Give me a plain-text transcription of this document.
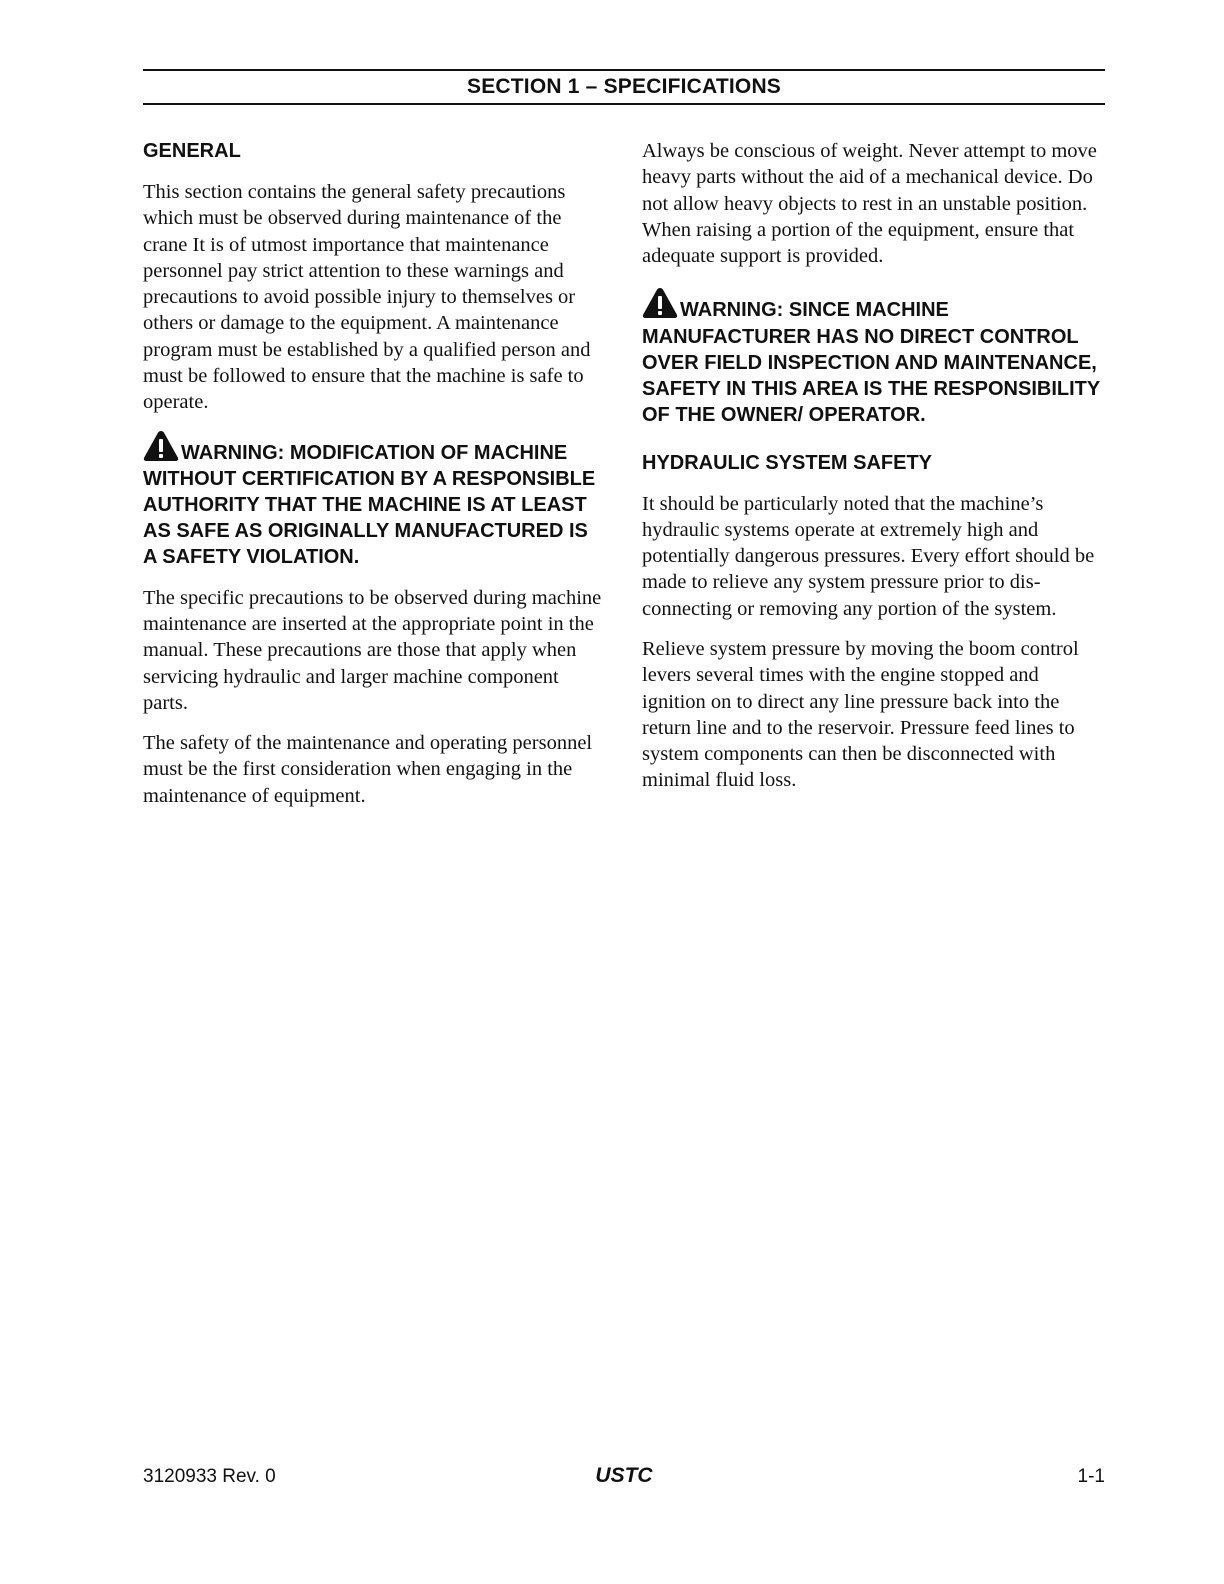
SECTION 1 – SPECIFICATIONS
GENERAL
This section contains the general safety precautions which must be observed during maintenance of the crane It is of utmost importance that maintenance personnel pay strict attention to these warnings and precautions to avoid possible injury to themselves or others or damage to the equipment. A maintenance program must be established by a qualified person and must be followed to ensure that the machine is safe to operate.
WARNING: MODIFICATION OF MACHINE WITHOUT CERTIFICATION BY A RESPONSIBLE AUTHORITY THAT THE MACHINE IS AT LEAST AS SAFE AS ORIGINALLY MANUFACTURED IS A SAFETY VIOLATION.
The specific precautions to be observed during machine maintenance are inserted at the appropriate point in the manual. These precautions are those that apply when servicing hydraulic and larger machine component parts.
The safety of the maintenance and operating personnel must be the first consideration when engaging in the maintenance of equipment.
Always be conscious of weight. Never attempt to move heavy parts without the aid of a mechanical device. Do not allow heavy objects to rest in an unstable position. When raising a portion of the equipment, ensure that adequate support is provided.
WARNING: SINCE MACHINE MANUFACTURER HAS NO DIRECT CONTROL OVER FIELD INSPECTION AND MAINTENANCE, SAFETY IN THIS AREA IS THE RESPONSIBILITY OF THE OWNER/ OPERATOR.
HYDRAULIC SYSTEM SAFETY
It should be particularly noted that the machine’s hydraulic systems operate at extremely high and potentially dangerous pressures. Every effort should be made to relieve any system pressure prior to disconnecting or removing any portion of the system.
Relieve system pressure by moving the boom control levers several times with the engine stopped and ignition on to direct any line pressure back into the return line and to the reservoir. Pressure feed lines to system components can then be disconnected with minimal fluid loss.
3120933 Rev. 0	USTC	1-1
